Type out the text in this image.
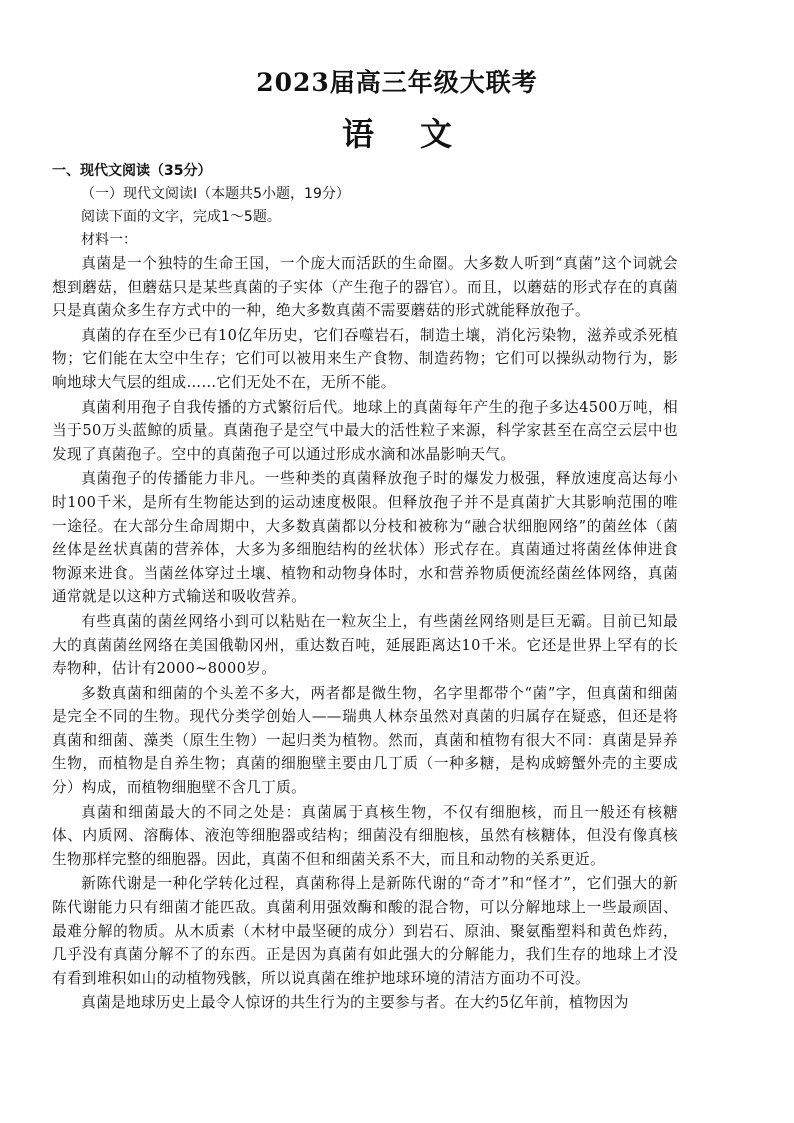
2023届高三年级大联考
语文

一、现代文阅读（35分）

（一）现代文阅读Ⅰ（本题共5小题，19分）

阅读下面的文字，完成1～5题。

材料一：

真菌是一个独特的生命王国，一个庞大而活跃的生命圈。大多数人听到“真菌”这个词就会想到蘑菇，但蘑菇只是某些真菌的子实体（产生孢子的器官）。而且，以蘑菇的形式存在的真菌只是真菌众多生存方式中的一种，绝大多数真菌不需要蘑菇的形式就能释放孢子。

真菌的存在至少已有10亿年历史，它们吞噬岩石，制造土壤，消化污染物，滋养或杀死植物；它们能在太空中生存；它们可以被用来生产食物、制造药物；它们可以操纵动物行为，影响地球大气层的组成……它们无处不在，无所不能。

真菌利用孢子自我传播的方式繁衍后代。地球上的真菌每年产生的孢子多达4500万吨，相当于50万头蓝鲸的质量。真菌孢子是空气中最大的活性粒子来源，科学家甚至在高空云层中也发现了真菌孢子。空中的真菌孢子可以通过形成水滴和冰晶影响天气。

真菌孢子的传播能力非凡。一些种类的真菌释放孢子时的爆发力极强，释放速度高达每小时100千米，是所有生物能达到的运动速度极限。但释放孢子并不是真菌扩大其影响范围的唯一途径。在大部分生命周期中，大多数真菌都以分枝和被称为“融合状细胞网络”的菌丝体（菌丝体是丝状真菌的营养体，大多为多细胞结构的丝状体）形式存在。真菌通过将菌丝体伸进食物源来进食。当菌丝体穿过土壤、植物和动物身体时，水和营养物质便流经菌丝体网络，真菌通常就是以这种方式输送和吸收营养。

有些真菌的菌丝网络小到可以粘贴在一粒灰尘上，有些菌丝网络则是巨无霸。目前已知最大的真菌菌丝网络在美国俄勒冈州，重达数百吨，延展距离达10千米。它还是世界上罕有的长寿物种，估计有2000~8000岁。

多数真菌和细菌的个头差不多大，两者都是微生物，名字里都带个“菌”字，但真菌和细菌是完全不同的生物。现代分类学创始人——瑞典人林奈虽然对真菌的归属存在疑惑，但还是将真菌和细菌、藻类（原生生物）一起归类为植物。然而，真菌和植物有很大不同：真菌是异养生物，而植物是自养生物；真菌的细胞壁主要由几丁质（一种多糖，是构成螃蟹外壳的主要成分）构成，而植物细胞壁不含几丁质。

真菌和细菌最大的不同之处是：真菌属于真核生物，不仅有细胞核，而且一般还有核糖体、内质网、溶酶体、液泡等细胞器或结构；细菌没有细胞核，虽然有核糖体，但没有像真核生物那样完整的细胞器。因此，真菌不但和细菌关系不大，而且和动物的关系更近。

新陈代谢是一种化学转化过程，真菌称得上是新陈代谢的“奇才”和“怪才”，它们强大的新陈代谢能力只有细菌才能匹敌。真菌利用强效酶和酸的混合物，可以分解地球上一些最顽固、最难分解的物质。从木质素（木材中最坚硬的成分）到岩石、原油、聚氨酯塑料和黄色炸药，几乎没有真菌分解不了的东西。正是因为真菌有如此强大的分解能力，我们生存的地球上才没有看到堆积如山的动植物残骸，所以说真菌在维护地球环境的清洁方面功不可没。

真菌是地球历史上最令人惊讶的共生行为的主要参与者。在大约5亿年前，植物因为
